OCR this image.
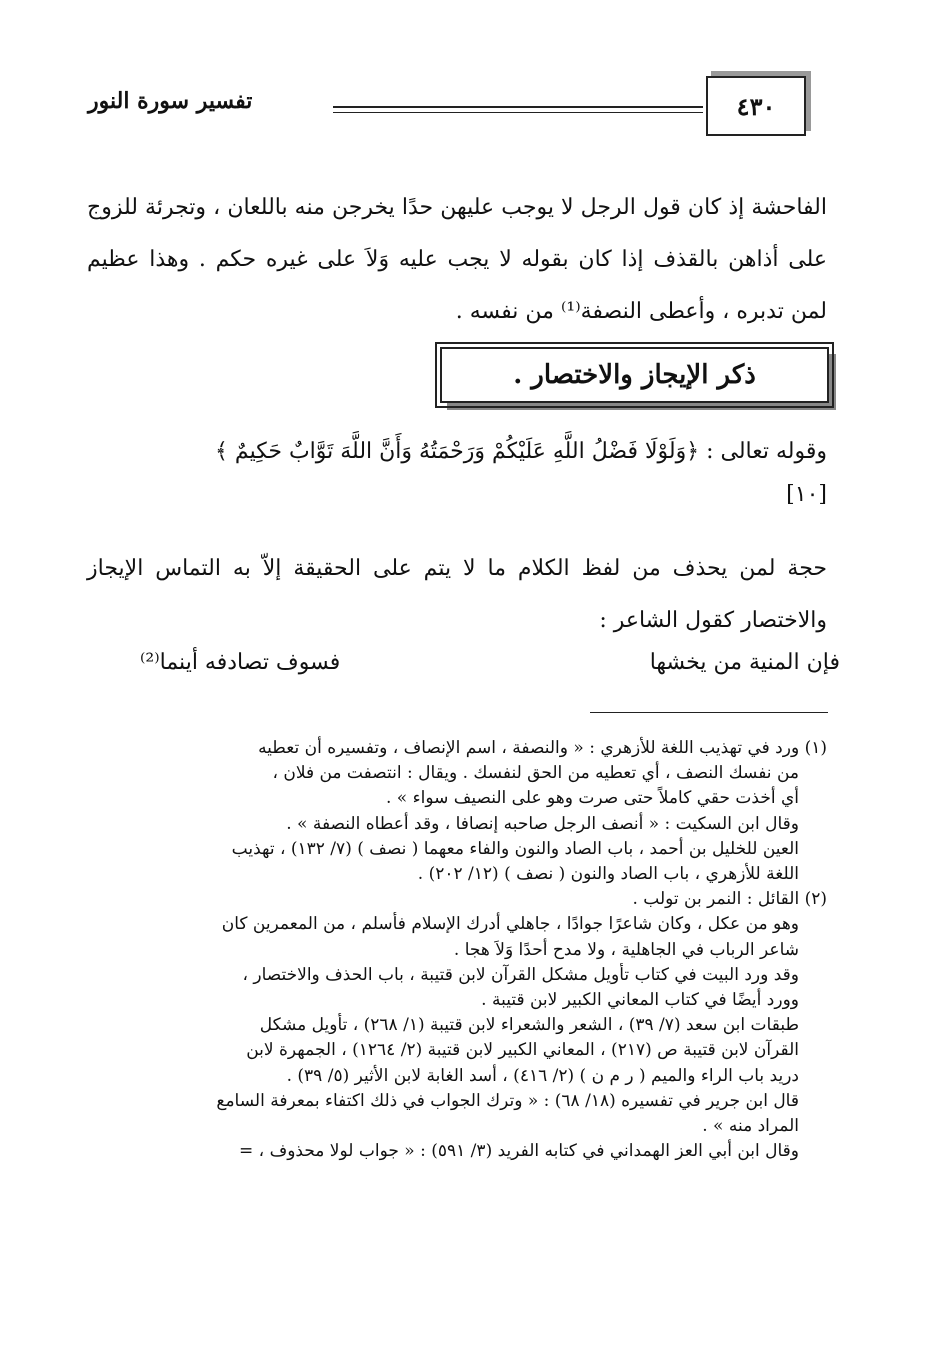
٤٣٠
تفسير سورة النور
الفاحشة إذ كان قول الرجل لا يوجب عليهن حدًا يخرجن منه باللعان ، وتجرئة للزوج على أذاهن بالقذف إذا كان بقوله لا يجب عليه وَلاَ على غيره حكم . وهذا عظيم لمن تدبره ، وأعطى النصفة⁽¹⁾ من نفسه .
ذكر الإيجاز والاختصار .
وقوله تعالى : ﴿وَلَوْلَا فَضْلُ اللَّهِ عَلَيْكُمْ وَرَحْمَتُهُ وَأَنَّ اللَّهَ تَوَّابٌ حَكِيمٌ ﴾
[١٠]
حجة لمن يحذف من لفظ الكلام ما لا يتم على الحقيقة إلاّ به التماس الإيجاز والاختصار كقول الشاعر :
فإن المنية من يخشها
فسوف تصادفه أينما⁽²⁾
(١) ورد في تهذيب اللغة للأزهري : « والنصفة ، اسم الإنصاف ، وتفسيره أن تعطيه
من نفسك النصف ، أي تعطيه من الحق لنفسك . ويقال : انتصفت من فلان ،
أي أخذت حقي كاملاً حتى صرت وهو على النصيف سواء » .
وقال ابن السكيت : « أنصف الرجل صاحبه إنصافا ، وقد أعطاه النصفة » .
العين للخليل بن أحمد ، باب الصاد والنون والفاء معهما ( نصف ) (٧/ ١٣٢) ، تهذيب
اللغة للأزهري ، باب الصاد والنون ( نصف ) (١٢/ ٢٠٢) .
(٢) القائل : النمر بن تولب .
وهو من عكل ، وكان شاعرًا جوادًا ، جاهلي أدرك الإسلام فأسلم ، من المعمرين كان
شاعر الرباب في الجاهلية ، ولا مدح أحدًا وَلاَ هجا .
وقد ورد البيت في كتاب تأويل مشكل القرآن لابن قتيبة ، باب الحذف والاختصار ،
وورد أيضًا في كتاب المعاني الكبير لابن قتيبة .
طبقات ابن سعد (٧/ ٣٩) ، الشعر والشعراء لابن قتيبة (١/ ٢٦٨) ، تأويل مشكل
القرآن لابن قتيبة ص (٢١٧) ، المعاني الكبير لابن قتيبة (٢/ ١٢٦٤) ، الجمهرة لابن
دريد باب الراء والميم ( ر م ن ) (٢/ ٤١٦) ، أسد الغابة لابن الأثير (٥/ ٣٩) .
قال ابن جرير في تفسيره (١٨/ ٦٨) : « وترك الجواب في ذلك اكتفاء بمعرفة السامع
المراد منه » .
وقال ابن أبي العز الهمداني في كتابه الفريد (٣/ ٥٩١) : « جواب لولا محذوف ، =
